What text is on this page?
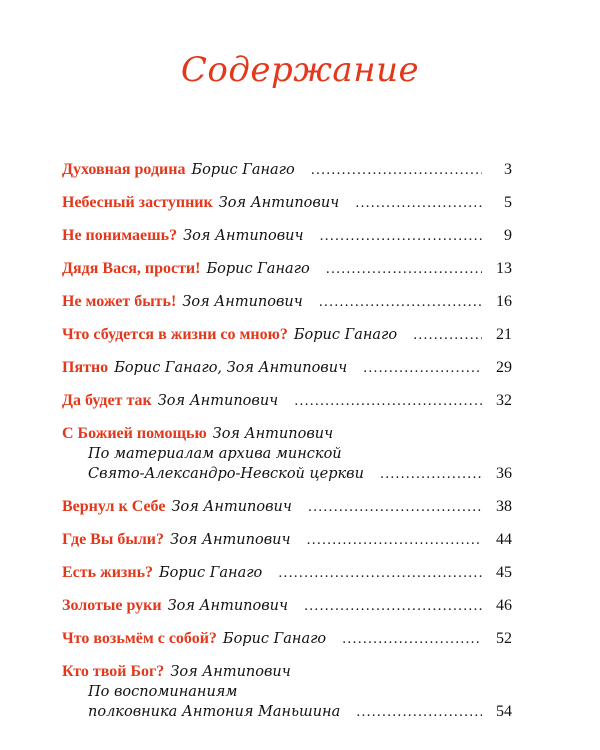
Содержание
Духовная родина Борис Ганаго .....	3
Небесный заступник Зоя Антипович .....	5
Не понимаешь? Зоя Антипович .....	9
Дядя Вася, прости! Борис Ганаго .....	13
Не может быть! Зоя Антипович .....	16
Что сбудется в жизни со мною? Борис Ганаго .....	21
Пятно Борис Ганаго, Зоя Антипович .....	29
Да будет так Зоя Антипович .....	32
С Божией помощью Зоя Антипович
По материалам архива минской
Свято-Александро-Невской церкви .....	36
Вернул к Себе Зоя Антипович .....	38
Где Вы были? Зоя Антипович .....	44
Есть жизнь? Борис Ганаго .....	45
Золотые руки Зоя Антипович .....	46
Что возьмём с собой? Борис Ганаго .....	52
Кто твой Бог? Зоя Антипович
По воспоминаниям
полковника Антония Маньшина .....	54
